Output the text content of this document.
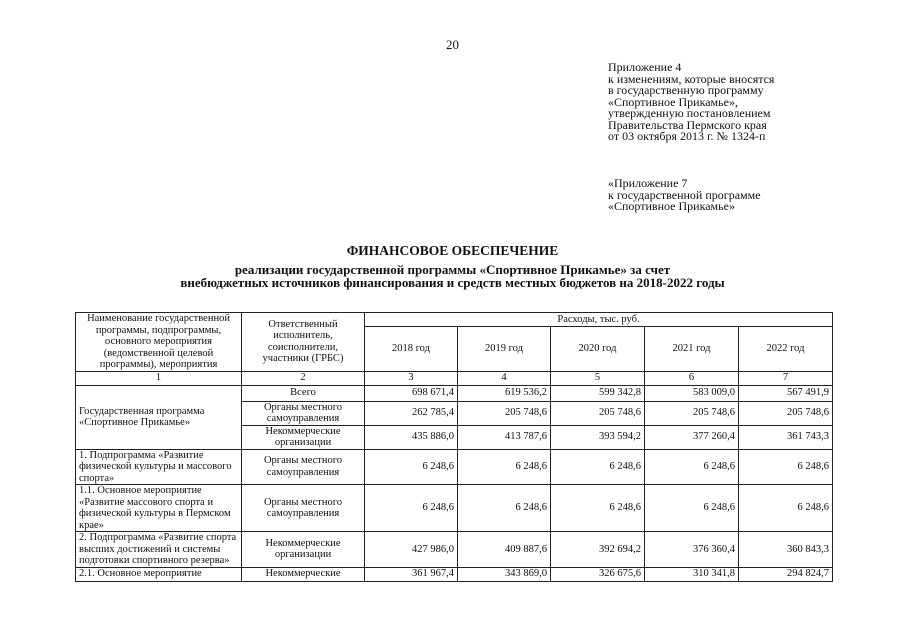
20
Приложение 4
к изменениям, которые вносятся
в государственную программу
«Спортивное Прикамье»,
утвержденную постановлением
Правительства Пермского края
от 03 октября 2013 г. № 1324-п
«Приложение 7
к государственной программе
«Спортивное Прикамье»
ФИНАНСОВОЕ ОБЕСПЕЧЕНИЕ
реализации государственной программы «Спортивное Прикамье» за счет
внебюджетных источников финансирования и средств местных бюджетов на 2018-2022 годы
Наименование государственной программы, подпрограммы, основного мероприятия (ведомственной целевой программы), мероприятия	Ответственный исполнитель, соисполнители, участники (ГРБС)	Расходы, тыс. руб.				
		2018 год	2019 год	2020 год	2021 год	2022 год
1	2	3	4	5	6	7
Государственная программа «Спортивное Прикамье»	Всего	698 671,4	619 536,2	599 342,8	583 009,0	567 491,9
	Органы местного самоуправления	262 785,4	205 748,6	205 748,6	205 748,6	205 748,6
	Некоммерческие организации	435 886,0	413 787,6	393 594,2	377 260,4	361 743,3
1. Подпрограмма «Развитие физической культуры и массового спорта»	Органы местного самоуправления	6 248,6	6 248,6	6 248,6	6 248,6	6 248,6
1.1. Основное мероприятие «Развитие массового спорта и физической культуры в Пермском крае»	Органы местного самоуправления	6 248,6	6 248,6	6 248,6	6 248,6	6 248,6
2. Подпрограмма «Развитие спорта высших достижений и системы подготовки спортивного резерва»	Некоммерческие организации	427 986,0	409 887,6	392 694,2	376 360,4	360 843,3
2.1. Основное мероприятие	Некоммерческие	361 967,4	343 869,0	326 675,6	310 341,8	294 824,7
